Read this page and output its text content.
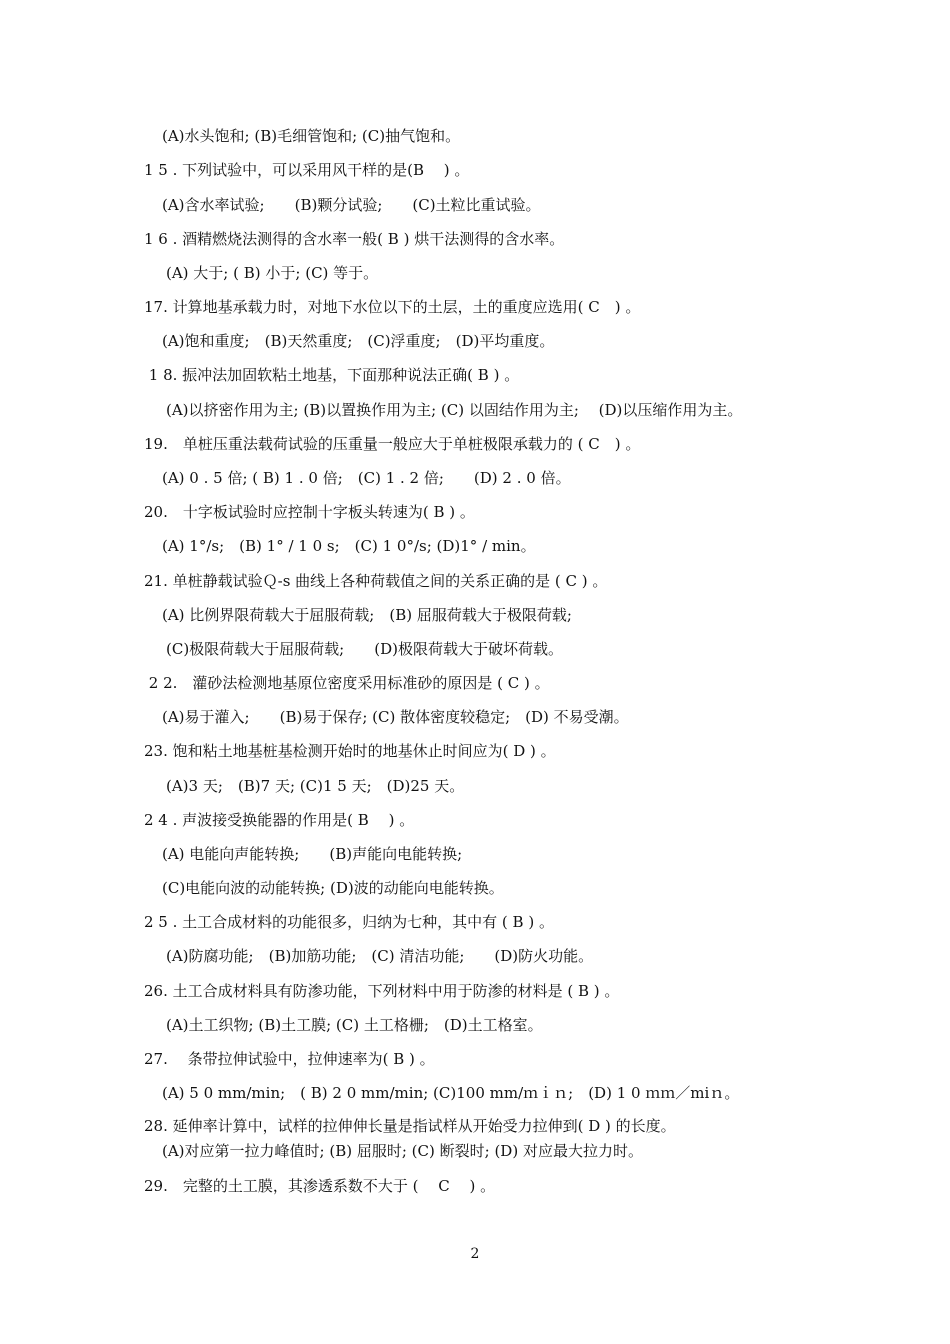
(A)水头饱和; (B)毛细管饱和; (C)抽气饱和。
1 5 . 下列试验中，可以采用风干样的是(B　 ) 。
(A)含水率试验;　　(B)颗分试验;　　(C)土粒比重试验。
1 6 . 酒精燃烧法测得的含水率一般( B ) 烘干法测得的含水率。
(A) 大于; ( B) 小于; (C) 等于。
17. 计算地基承载力时，对地下水位以下的土层，土的重度应选用( C　) 。
(A)饱和重度;　(B)天然重度;　(C)浮重度;　(D)平均重度。
1 8. 振冲法加固软粘土地基，下面那种说法正确( B ) 。
(A)以挤密作用为主; (B)以置换作用为主; (C) 以固结作用为主;　 (D)以压缩作用为主。
19.　单桩压重法载荷试验的压重量一般应大于单桩极限承载力的 ( C　) 。
(A) 0 . 5 倍; ( B) 1 . 0 倍;　(C) 1 . 2 倍;　　(D) 2 . 0 倍。
20.　十字板试验时应控制十字板头转速为( B ) 。
(A) 1°/s;　(B) 1° / 1 0 s;　(C) 1 0°/s; (D)1° / min。
21. 单桩静载试验Ｑ-s 曲线上各种荷载值之间的关系正确的是 ( C ) 。
(A) 比例界限荷载大于屈服荷载;　(B) 屈服荷载大于极限荷载;
(C)极限荷载大于屈服荷载;　　(D)极限荷载大于破坏荷载。
2 2.　灌砂法检测地基原位密度采用标准砂的原因是 ( C ) 。
(A)易于灌入;　　(B)易于保存; (C) 散体密度较稳定;　(D) 不易受潮。
23. 饱和粘土地基桩基检测开始时的地基休止时间应为( D ) 。
(A)3 天;　(B)7 天; (C)1 5 天;　(D)25 天。
2 4 . 声波接受换能器的作用是( B　 ) 。
(A) 电能向声能转换;　　(B)声能向电能转换;
(C)电能向波的动能转换; (D)波的动能向电能转换。
2 5 . 土工合成材料的功能很多，归纳为七种，其中有 ( B ) 。
(A)防腐功能;　(B)加筋功能;　(C) 清洁功能;　　(D)防火功能。
26. 土工合成材料具有防渗功能，下列材料中用于防渗的材料是 ( B ) 。
(A)土工织物; (B)土工膜; (C) 土工格栅;　(D)土工格室。
27.　 条带拉伸试验中，拉伸速率为( B ) 。
(A) 5 0 mm/min;　( B) 2 0 mm/min; (C)100 mm/ｍｉｎ;　(D) 1 0 ｍｍ／miｎ。
28. 延伸率计算中，试样的拉伸伸长量是指试样从开始受力拉伸到( D ) 的长度。
(A)对应第一拉力峰值时; (B) 屈服时; (C) 断裂时; (D) 对应最大拉力时。
29.　完整的土工膜，其渗透系数不大于 (　 C　 ) 。
2
